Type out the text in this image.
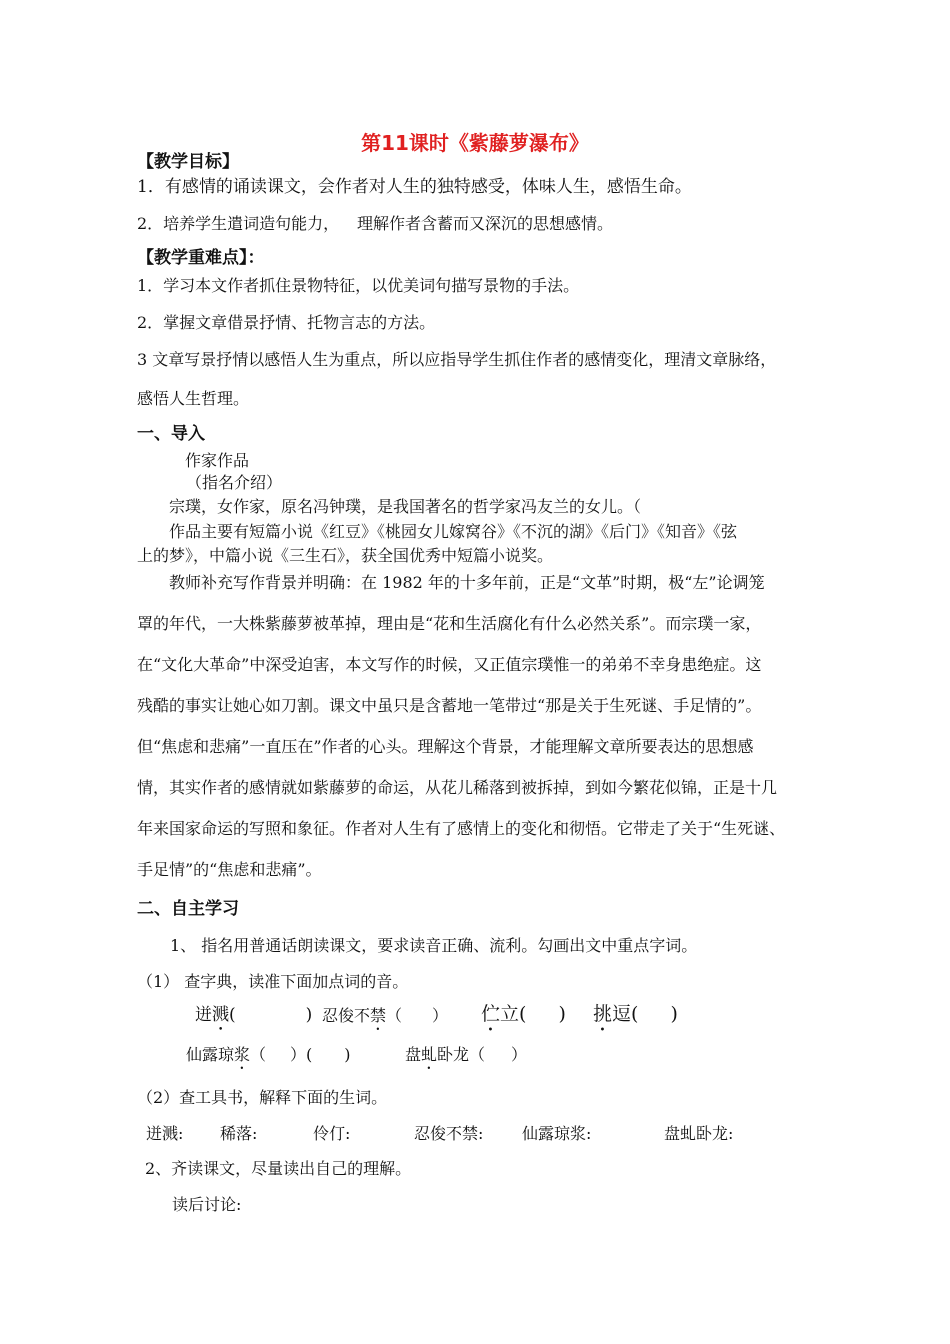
第11课时《紫藤萝瀑布》
【教学目标】
1．有感情的诵读课文，会作者对人生的独特感受，体味人生，感悟生命。
2．培养学生遣词造句能力， 理解作者含蓄而又深沉的思想感情。
【教学重难点】：
1．学习本文作者抓住景物特征，以优美词句描写景物的手法。
2．掌握文章借景抒情、托物言志的方法。
3 文章写景抒情以感悟人生为重点，所以应指导学生抓住作者的感情变化，理清文章脉络，
感悟人生哲理。
一、导入
作家作品
（指名介绍）
宗璞，女作家，原名冯钟璞，是我国著名的哲学家冯友兰的女儿。（
作品主要有短篇小说《红豆》《桃园女儿嫁窝谷》《不沉的湖》《后门》《知音》《弦
上的梦》，中篇小说《三生石》，获全国优秀中短篇小说奖。
教师补充写作背景并明确：在 1982 年的十多年前，正是“文革”时期，极“左”论调笼
罩的年代，一大株紫藤萝被革掉，理由是“花和生活腐化有什么必然关系”。而宗璞一家，
在“文化大革命”中深受迫害，本文写作的时候，又正值宗璞惟一的弟弟不幸身患绝症。这
残酷的事实让她心如刀割。课文中虽只是含蓄地一笔带过“那是关于生死谜、手足情的”。
但“焦虑和悲痛”一直压在”作者的心头。理解这个背景，才能理解文章所要表达的思想感
情，其实作者的感情就如紫藤萝的命运，从花儿稀落到被拆掉，到如今繁花似锦，正是十几
年来国家命运的写照和象征。作者对人生有了感情上的变化和彻悟。它带走了关于“生死谜、
手足情”的“焦虑和悲痛”。
二、自主学习
1、 指名用普通话朗读课文，要求读音正确、流利。勾画出文中重点字词。
（1） 查字典，读准下面加点词的音。
迸溅(	) 忍俊不禁（ ） 伫立( ) 挑逗( )
仙露琼浆（ ）( )	盘虬卧龙（ ）
（2）查工具书，解释下面的生词。
迸溅: 稀落:	伶仃:	忍俊不禁: 仙露琼浆:	盘虬卧龙:
2、齐读课文，尽量读出自己的理解。
读后讨论:
